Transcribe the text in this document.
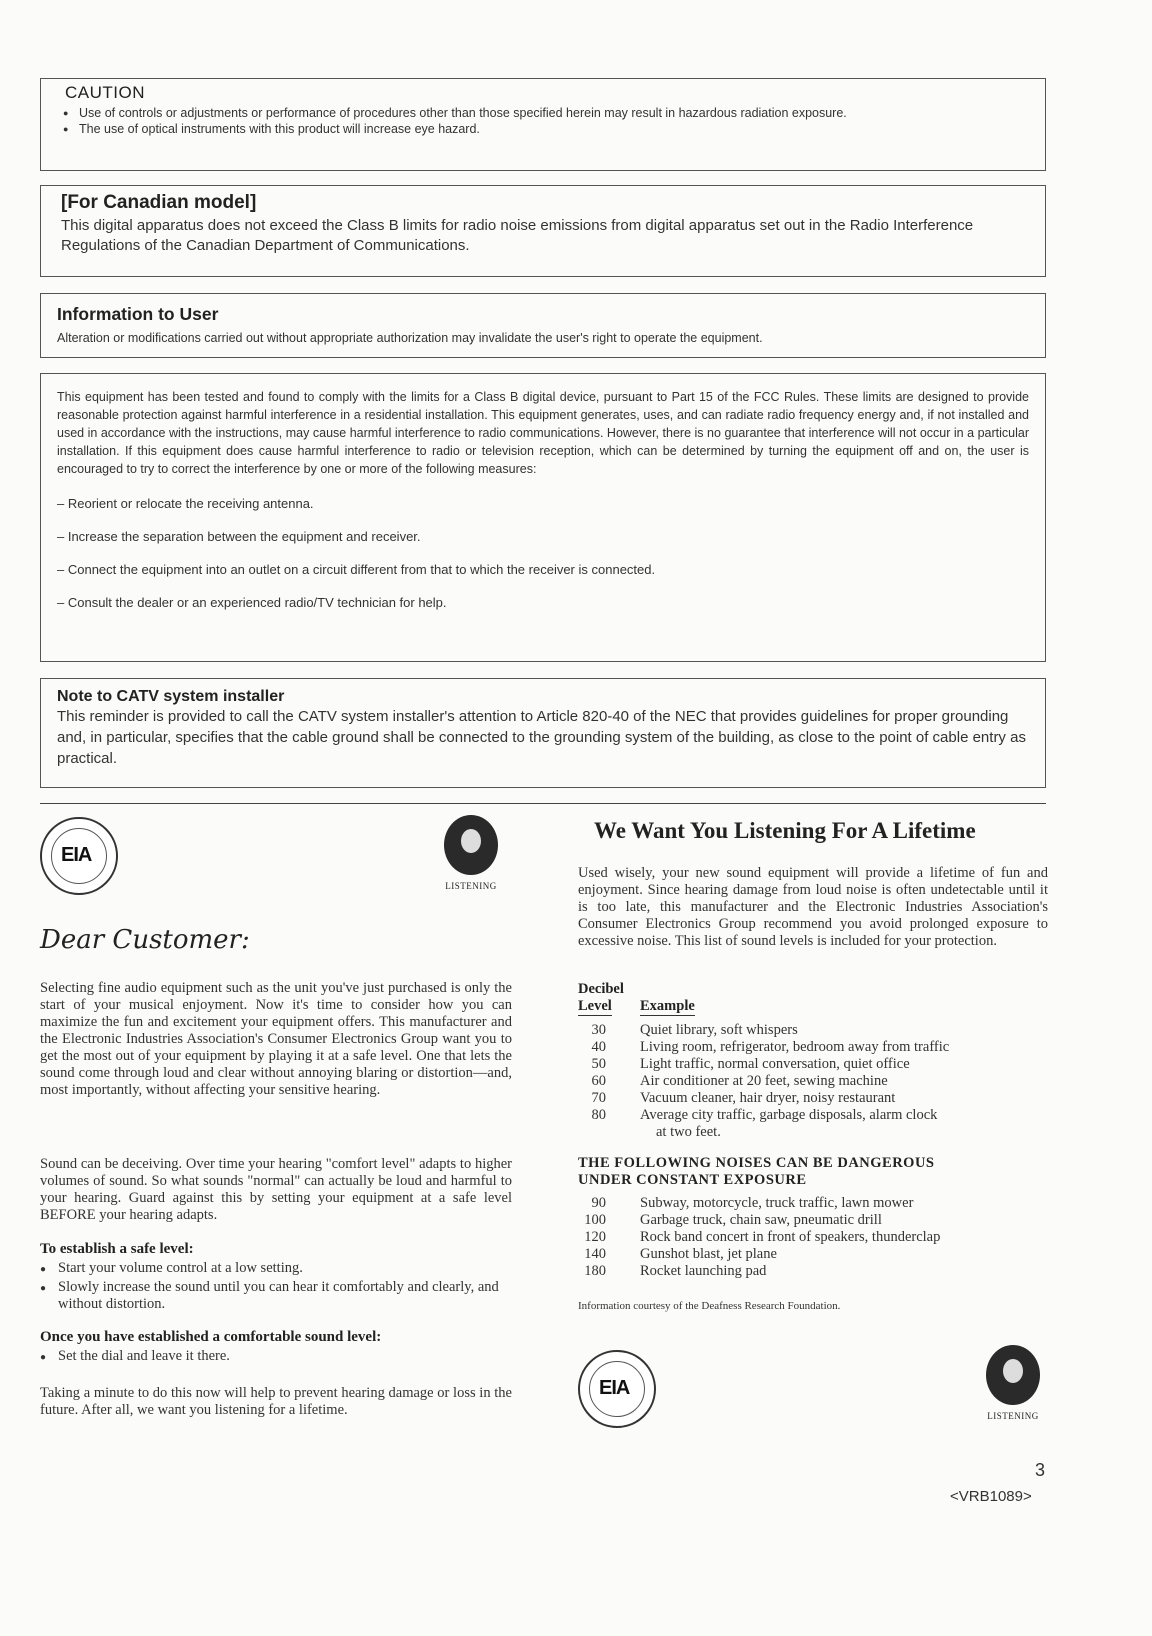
CAUTION
● Use of controls or adjustments or performance of procedures other than those specified herein may result in hazardous radiation exposure.
● The use of optical instruments with this product will increase eye hazard.
[For Canadian model]
This digital apparatus does not exceed the Class B limits for radio noise emissions from digital apparatus set out in the Radio Interference Regulations of the Canadian Department of Communications.
Information to User
Alteration or modifications carried out without appropriate authorization may invalidate the user's right to operate the equipment.
This equipment has been tested and found to comply with the limits for a Class B digital device, pursuant to Part 15 of the FCC Rules. These limits are designed to provide reasonable protection against harmful interference in a residential installation. This equipment generates, uses, and can radiate radio frequency energy and, if not installed and used in accordance with the instructions, may cause harmful interference to radio communications. However, there is no guarantee that interference will not occur in a particular installation. If this equipment does cause harmful interference to radio or television reception, which can be determined by turning the equipment off and on, the user is encouraged to try to correct the interference by one or more of the following measures:
– Reorient or relocate the receiving antenna.
– Increase the separation between the equipment and receiver.
– Connect the equipment into an outlet on a circuit different from that to which the receiver is connected.
– Consult the dealer or an experienced radio/TV technician for help.
Note to CATV system installer
This reminder is provided to call the CATV system installer's attention to Article 820-40 of the NEC that provides guidelines for proper grounding and, in particular, specifies that the cable ground shall be connected to the grounding system of the building, as close to the point of cable entry as practical.
EIA
LISTENING
Dear Customer:
Selecting fine audio equipment such as the unit you've just purchased is only the start of your musical enjoyment. Now it's time to consider how you can maximize the fun and excitement your equipment offers. This manufacturer and the Electronic Industries Association's Consumer Electronics Group want you to get the most out of your equipment by playing it at a safe level. One that lets the sound come through loud and clear without annoying blaring or distortion—and, most importantly, without affecting your sensitive hearing.
Sound can be deceiving. Over time your hearing "comfort level" adapts to higher volumes of sound. So what sounds "normal" can actually be loud and harmful to your hearing. Guard against this by setting your equipment at a safe level BEFORE your hearing adapts.
To establish a safe level:
● Start your volume control at a low setting.
● Slowly increase the sound until you can hear it comfortably and clearly, and without distortion.
Once you have established a comfortable sound level:
● Set the dial and leave it there.
Taking a minute to do this now will help to prevent hearing damage or loss in the future. After all, we want you listening for a lifetime.
We Want You Listening For A Lifetime
Used wisely, your new sound equipment will provide a lifetime of fun and enjoyment. Since hearing damage from loud noise is often undetectable until it is too late, this manufacturer and the Electronic Industries Association's Consumer Electronics Group recommend you avoid prolonged exposure to excessive noise. This list of sound levels is included for your protection.
Decibel
Level Example
30 Quiet library, soft whispers
40 Living room, refrigerator, bedroom away from traffic
50 Light traffic, normal conversation, quiet office
60 Air conditioner at 20 feet, sewing machine
70 Vacuum cleaner, hair dryer, noisy restaurant
80 Average city traffic, garbage disposals, alarm clock
at two feet.
THE FOLLOWING NOISES CAN BE DANGEROUS
UNDER CONSTANT EXPOSURE
90 Subway, motorcycle, truck traffic, lawn mower
100 Garbage truck, chain saw, pneumatic drill
120 Rock band concert in front of speakers, thunderclap
140 Gunshot blast, jet plane
180 Rocket launching pad
Information courtesy of the Deafness Research Foundation.
EIA
LISTENING
3
<VRB1089>
